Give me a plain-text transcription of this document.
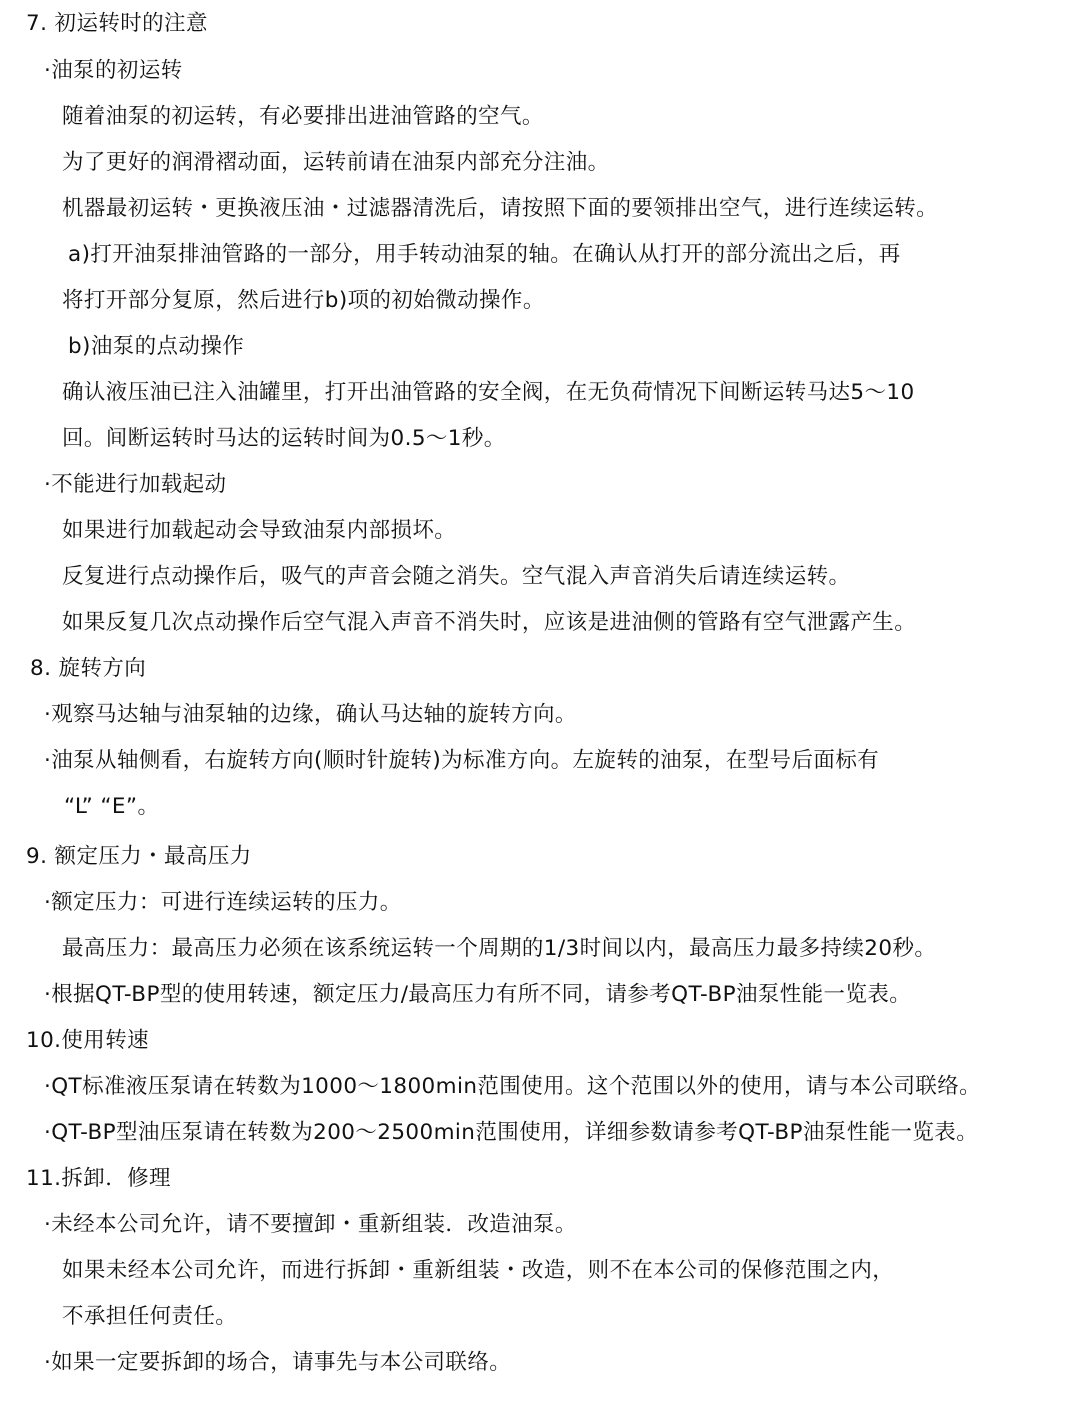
7. 初运转时的注意
·油泵的初运转
随着油泵的初运转，有必要排出进油管路的空气。
为了更好的润滑褶动面，运转前请在油泵内部充分注油。
机器最初运转・更换液压油・过滤器清洗后，请按照下面的要领排出空气，进行连续运转。
a)打开油泵排油管路的一部分，用手转动油泵的轴。在确认从打开的部分流出之后，再
将打开部分复原，然后进行b)项的初始微动操作。
b)油泵的点动操作
确认液压油已注入油罐里，打开出油管路的安全阀，在无负荷情况下间断运转马达5～10
回。间断运转时马达的运转时间为0.5～1秒。
·不能进行加载起动
如果进行加载起动会导致油泵内部损坏。
反复进行点动操作后，吸气的声音会随之消失。空气混入声音消失后请连续运转。
如果反复几次点动操作后空气混入声音不消失时，应该是进油侧的管路有空气泄露产生。
8. 旋转方向
·观察马达轴与油泵轴的边缘，确认马达轴的旋转方向。
·油泵从轴侧看，右旋转方向(顺时针旋转)为标准方向。左旋转的油泵，在型号后面标有
“L” “E”。
9. 额定压力・最高压力
·额定压力：可进行连续运转的压力。
最高压力：最高压力必须在该系统运转一个周期的1/3时间以内，最高压力最多持续20秒。
·根据QT-BP型的使用转速，额定压力/最高压力有所不同，请参考QT-BP油泵性能一览表。
10.使用转速
·QT标准液压泵请在转数为1000～1800min范围使用。这个范围以外的使用，请与本公司联络。
·QT-BP型油压泵请在转数为200～2500min范围使用，详细参数请参考QT-BP油泵性能一览表。
11.拆卸．修理
·未经本公司允许，请不要擅卸・重新组装．改造油泵。
如果未经本公司允许，而进行拆卸・重新组装・改造，则不在本公司的保修范围之内，
不承担任何责任。
·如果一定要拆卸的场合，请事先与本公司联络。
